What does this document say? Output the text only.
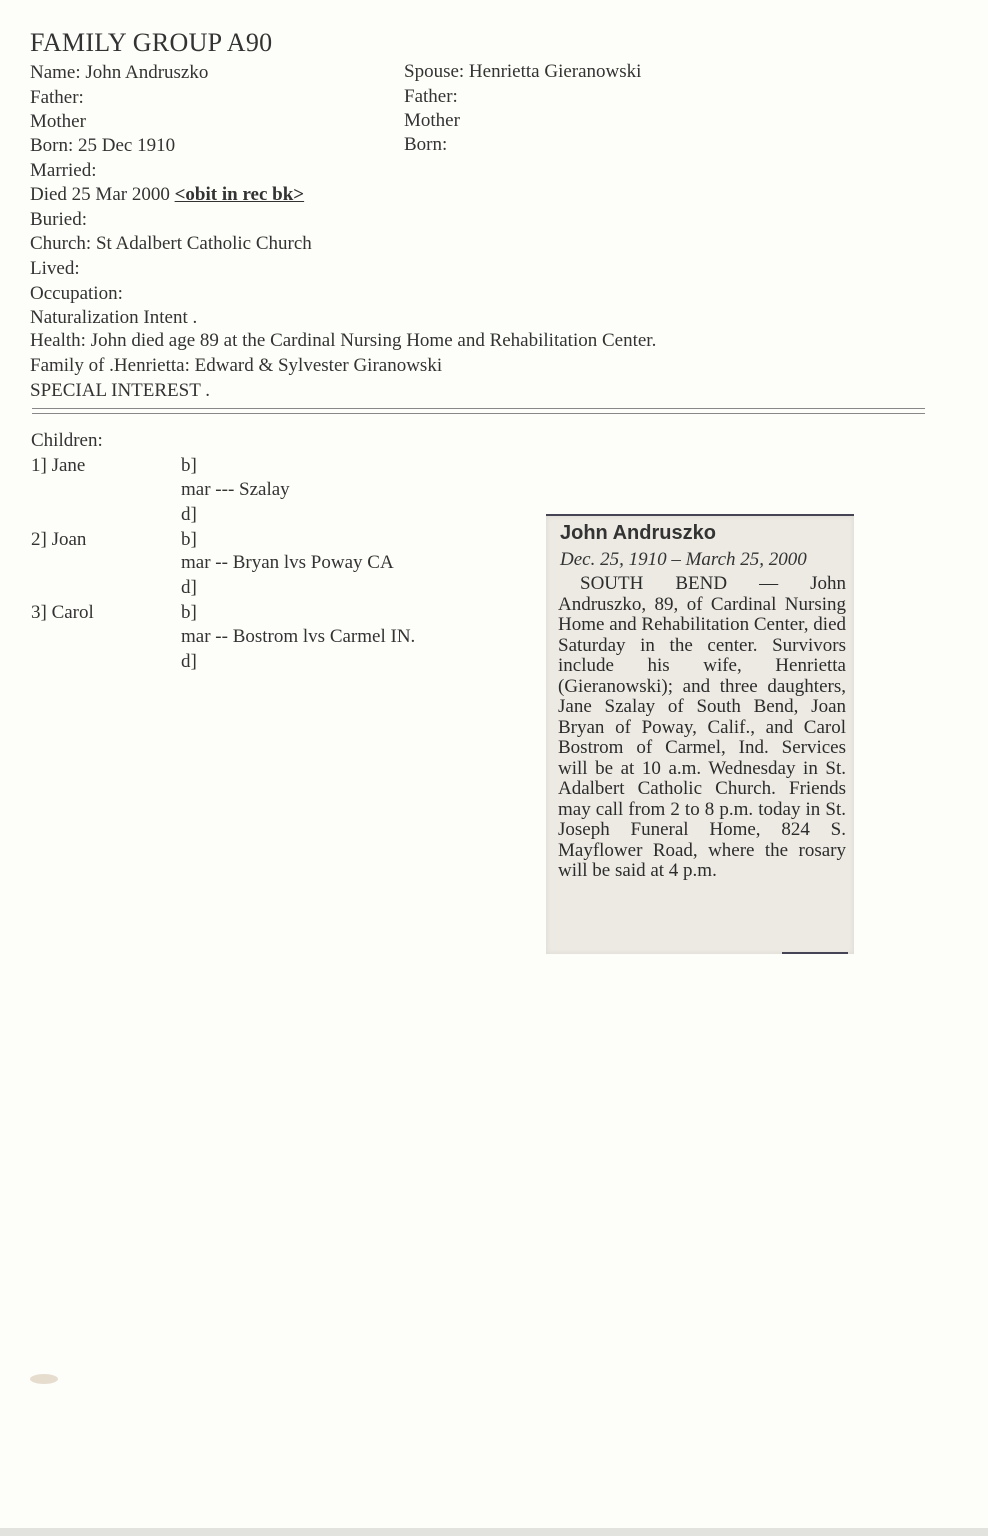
FAMILY GROUP A90
Name: John Andruszko
Father:
Mother
Born: 25 Dec 1910
Married:
Died 25 Mar 2000 <obit in rec bk>
Buried:
Church: St Adalbert Catholic Church
Lived:
Occupation:
Naturalization Intent .
Health: John died age 89 at the Cardinal Nursing Home and Rehabilitation Center.
Family of .Henrietta: Edward & Sylvester Giranowski
SPECIAL INTEREST .
Spouse: Henrietta Gieranowski
Father:
Mother
Born:
Children:
1] Jane	b]
mar --- Szalay
d]
2] Joan	b]
mar -- Bryan lvs Poway CA
d]
3] Carol	b]
mar -- Bostrom lvs Carmel IN.
d]
John Andruszko
Dec. 25, 1910 – March 25, 2000
SOUTH BEND — John Andruszko, 89, of Cardinal Nursing Home and Rehabilitation Center, died Saturday in the center. Survivors include his wife, Henrietta (Gieranowski); and three daughters, Jane Szalay of South Bend, Joan Bryan of Poway, Calif., and Carol Bostrom of Carmel, Ind. Services will be at 10 a.m. Wednesday in St. Adalbert Catholic Church. Friends may call from 2 to 8 p.m. today in St. Joseph Funeral Home, 824 S. Mayflower Road, where the rosary will be said at 4 p.m.
